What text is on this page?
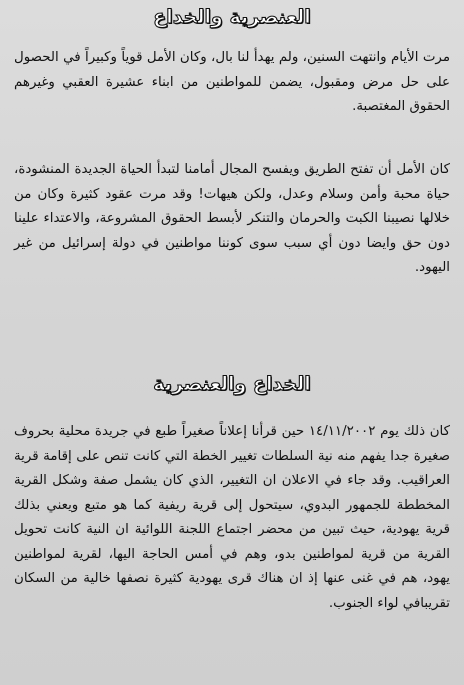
العنصرية والخداع

مرت الأيام وانتهت السنين، ولم يهدأ لنا بال، وكان الأمل قوياً وكبيراً في الحصول على حل مرض ومقبول، يضمن للمواطنين من ابناء عشيرة العقبي وغيرهم الحقوق المغتصبة.

كان الأمل أن تفتح الطريق ويفسح المجال أمامنا لتبدأ الحياة الجديدة المنشودة، حياة محبة وأمن وسلام وعدل، ولكن هيهات! وقد مرت عقود كثيرة وكان من خلالها نصيبنا الكبت والحرمان والتنكر لأبسط الحقوق المشروعة، والاعتداء علينا دون حق وايضا دون أي سبب سوى كوننا مواطنين في دولة إسرائيل من غير اليهود.

الخداع والعنصرية

كان ذلك يوم ١٤/١١/٢٠٠٢ حين قرأنا إعلاناً صغيراً طبع في جريدة محلية بحروف صغيرة جدا يفهم منه نية السلطات تغيير الخطة التي كانت تنص على إقامة قرية العراقيب. وقد جاء في الاعلان ان التغيير، الذي كان يشمل صفة وشكل القرية المخططة للجمهور البدوي، سيتحول إلى قرية ريفية كما هو متبع ويعني بذلك قرية يهودية، حيث تبين من محضر اجتماع اللجنة اللوائية ان النية كانت تحويل القرية من قرية لمواطنين بدو، وهم في أمس الحاجة اليها، لقرية لمواطنين يهود، هم في غنى عنها إذ ان هناك قرى يهودية كثيرة نصفها خالية من السكان تقريبافي لواء الجنوب.
